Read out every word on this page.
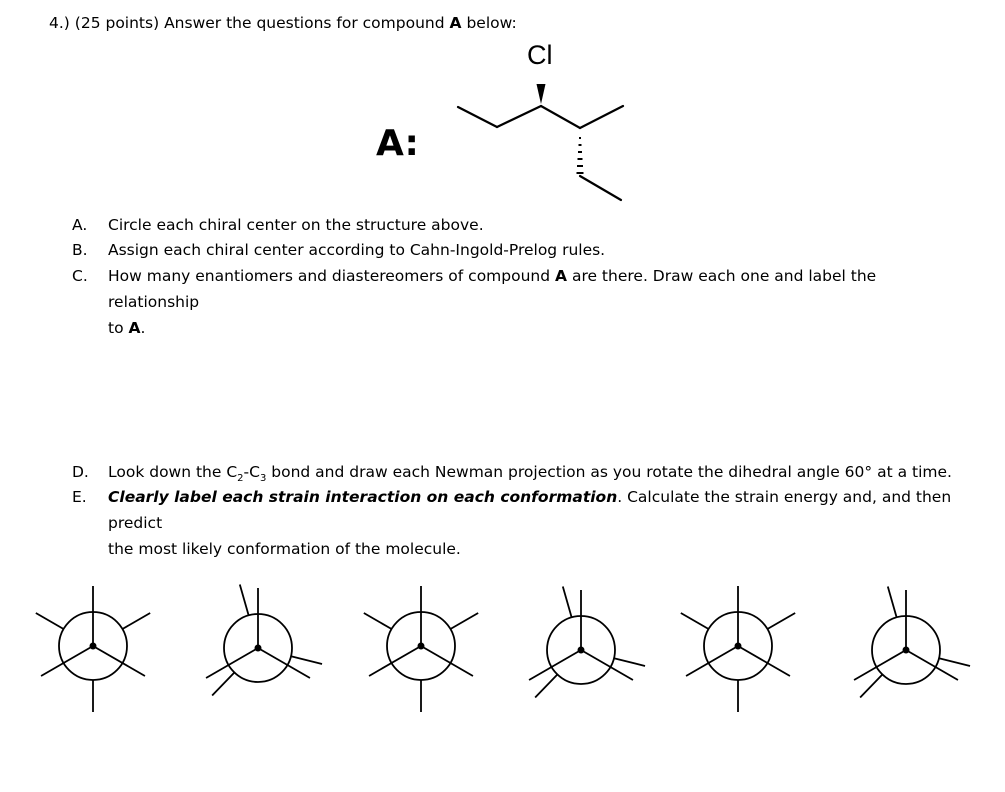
4.) (25 points) Answer the questions for compound A below:
A:
Cl
A.	Circle each chiral center on the structure above.
B.	Assign each chiral center according to Cahn-Ingold-Prelog rules.
C.	How many enantiomers and diastereomers of compound A are there. Draw each one and label the relationship
to A.
D.	Look down the $C_2-C_3$ bond and draw each Newman projection as you rotate the dihedral angle 60° at a time.
E.	Clearly label each strain interaction on each conformation. Calculate the strain energy and, and then predict
the most likely conformation of the molecule.
